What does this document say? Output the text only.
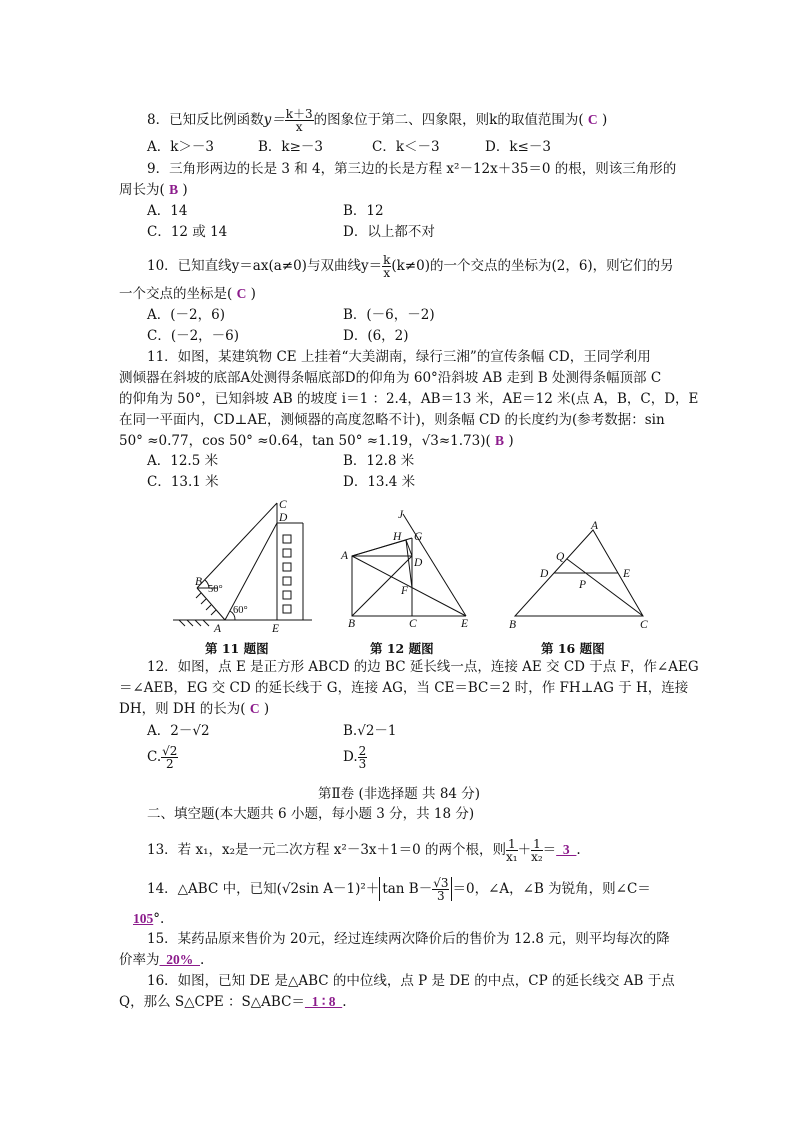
8．已知反比例函数$y= \frac{k+3}{x}$ 的图象位于第二、四象限，则k的取值范围为( C )
A．k＞－3	B．k≥－3	C．k＜－3	D．k≤－3
9．三角形两边的长是 3 和 4，第三边的长是方程 x²－12x＋35＝0 的根，则该三角形的
周长为( B )
A．14	B．12
C．12 或 14	D．以上都不对
10．已知直线y＝ax(a≠0)与双曲线$y= \frac{k}{x} (k\ne 0)$的一个交点的坐标为(2，6)，则它们的另
一个交点的坐标是( C )
A．(－2，6)	B．(－6，－2)
C．(－2，－6)	D．(6，2)
11．如图，某建筑物 CE 上挂着“大美湖南，绿行三湘”的宣传条幅 CD，王同学利用
测倾器在斜坡的底部A处测得条幅底部D的仰角为 60°沿斜坡 AB 走到 B 处测得条幅顶部 C
的仰角为 50°，已知斜坡 AB 的坡度 i＝1 ：2.4，AB＝13 米，AE＝12 米(点 A，B，C，D，E
在同一平面内，CD⊥AE，测倾器的高度忽略不计)，则条幅 CD 的长度约为(参考数据：sin
50° ≈0.77，cos 50° ≈0.64，tan 50° ≈1.19，√3≈1.73)( B )
A．12.5 米	B．12.8 米
C．13.1 米	D．13.4 米
C
D
B
A	E
50°
60°
第 11 题图
J
H G
A
D
F
B	C	E
第 12 题图
A
Q
D	E
P
B	C
第 16 题图
12．如图，点 E 是正方形 ABCD 的边 BC 延长线一点，连接 AE 交 CD 于点 F，作∠AEG
＝∠AEB，EG 交 CD 的延长线于 G，连接 AG，当 CE＝BC＝2 时，作 FH⊥AG 于 H，连接
DH，则 DH 的长为( C )
A．2－√2	B.√2－1
C. $\frac{√2}{2}$	D. $\frac{2}{3}$
第Ⅱ卷 (非选择题 共 84 分)
二、填空题(本大题共 6 小题，每小题 3 分，共 18 分)
13．若 x₁，x₂是一元二次方程 x²－3x＋1＝0 的两个根，则 $\frac{1}{\text{x₁}} + \frac{1}{\text{x₂}} = 3$  .
14．△ABC 中，已知(√2sin $A-1)^2+ \tan B- \frac{√3}{3} =0$，∠A，∠B 为锐角，则∠C＝
105°.
15．某药品原来售价为 20元，经过连续两次降价后的售价为 12.8 元，则平均每次的降
价率为  20%  .
16．如图，已知 DE 是△ABC 的中位线，点 P 是 DE 的中点，CP 的延长线交 AB 于点
Q，那么 S△CPE ：S△ABC＝  1 ∶ 8  .
